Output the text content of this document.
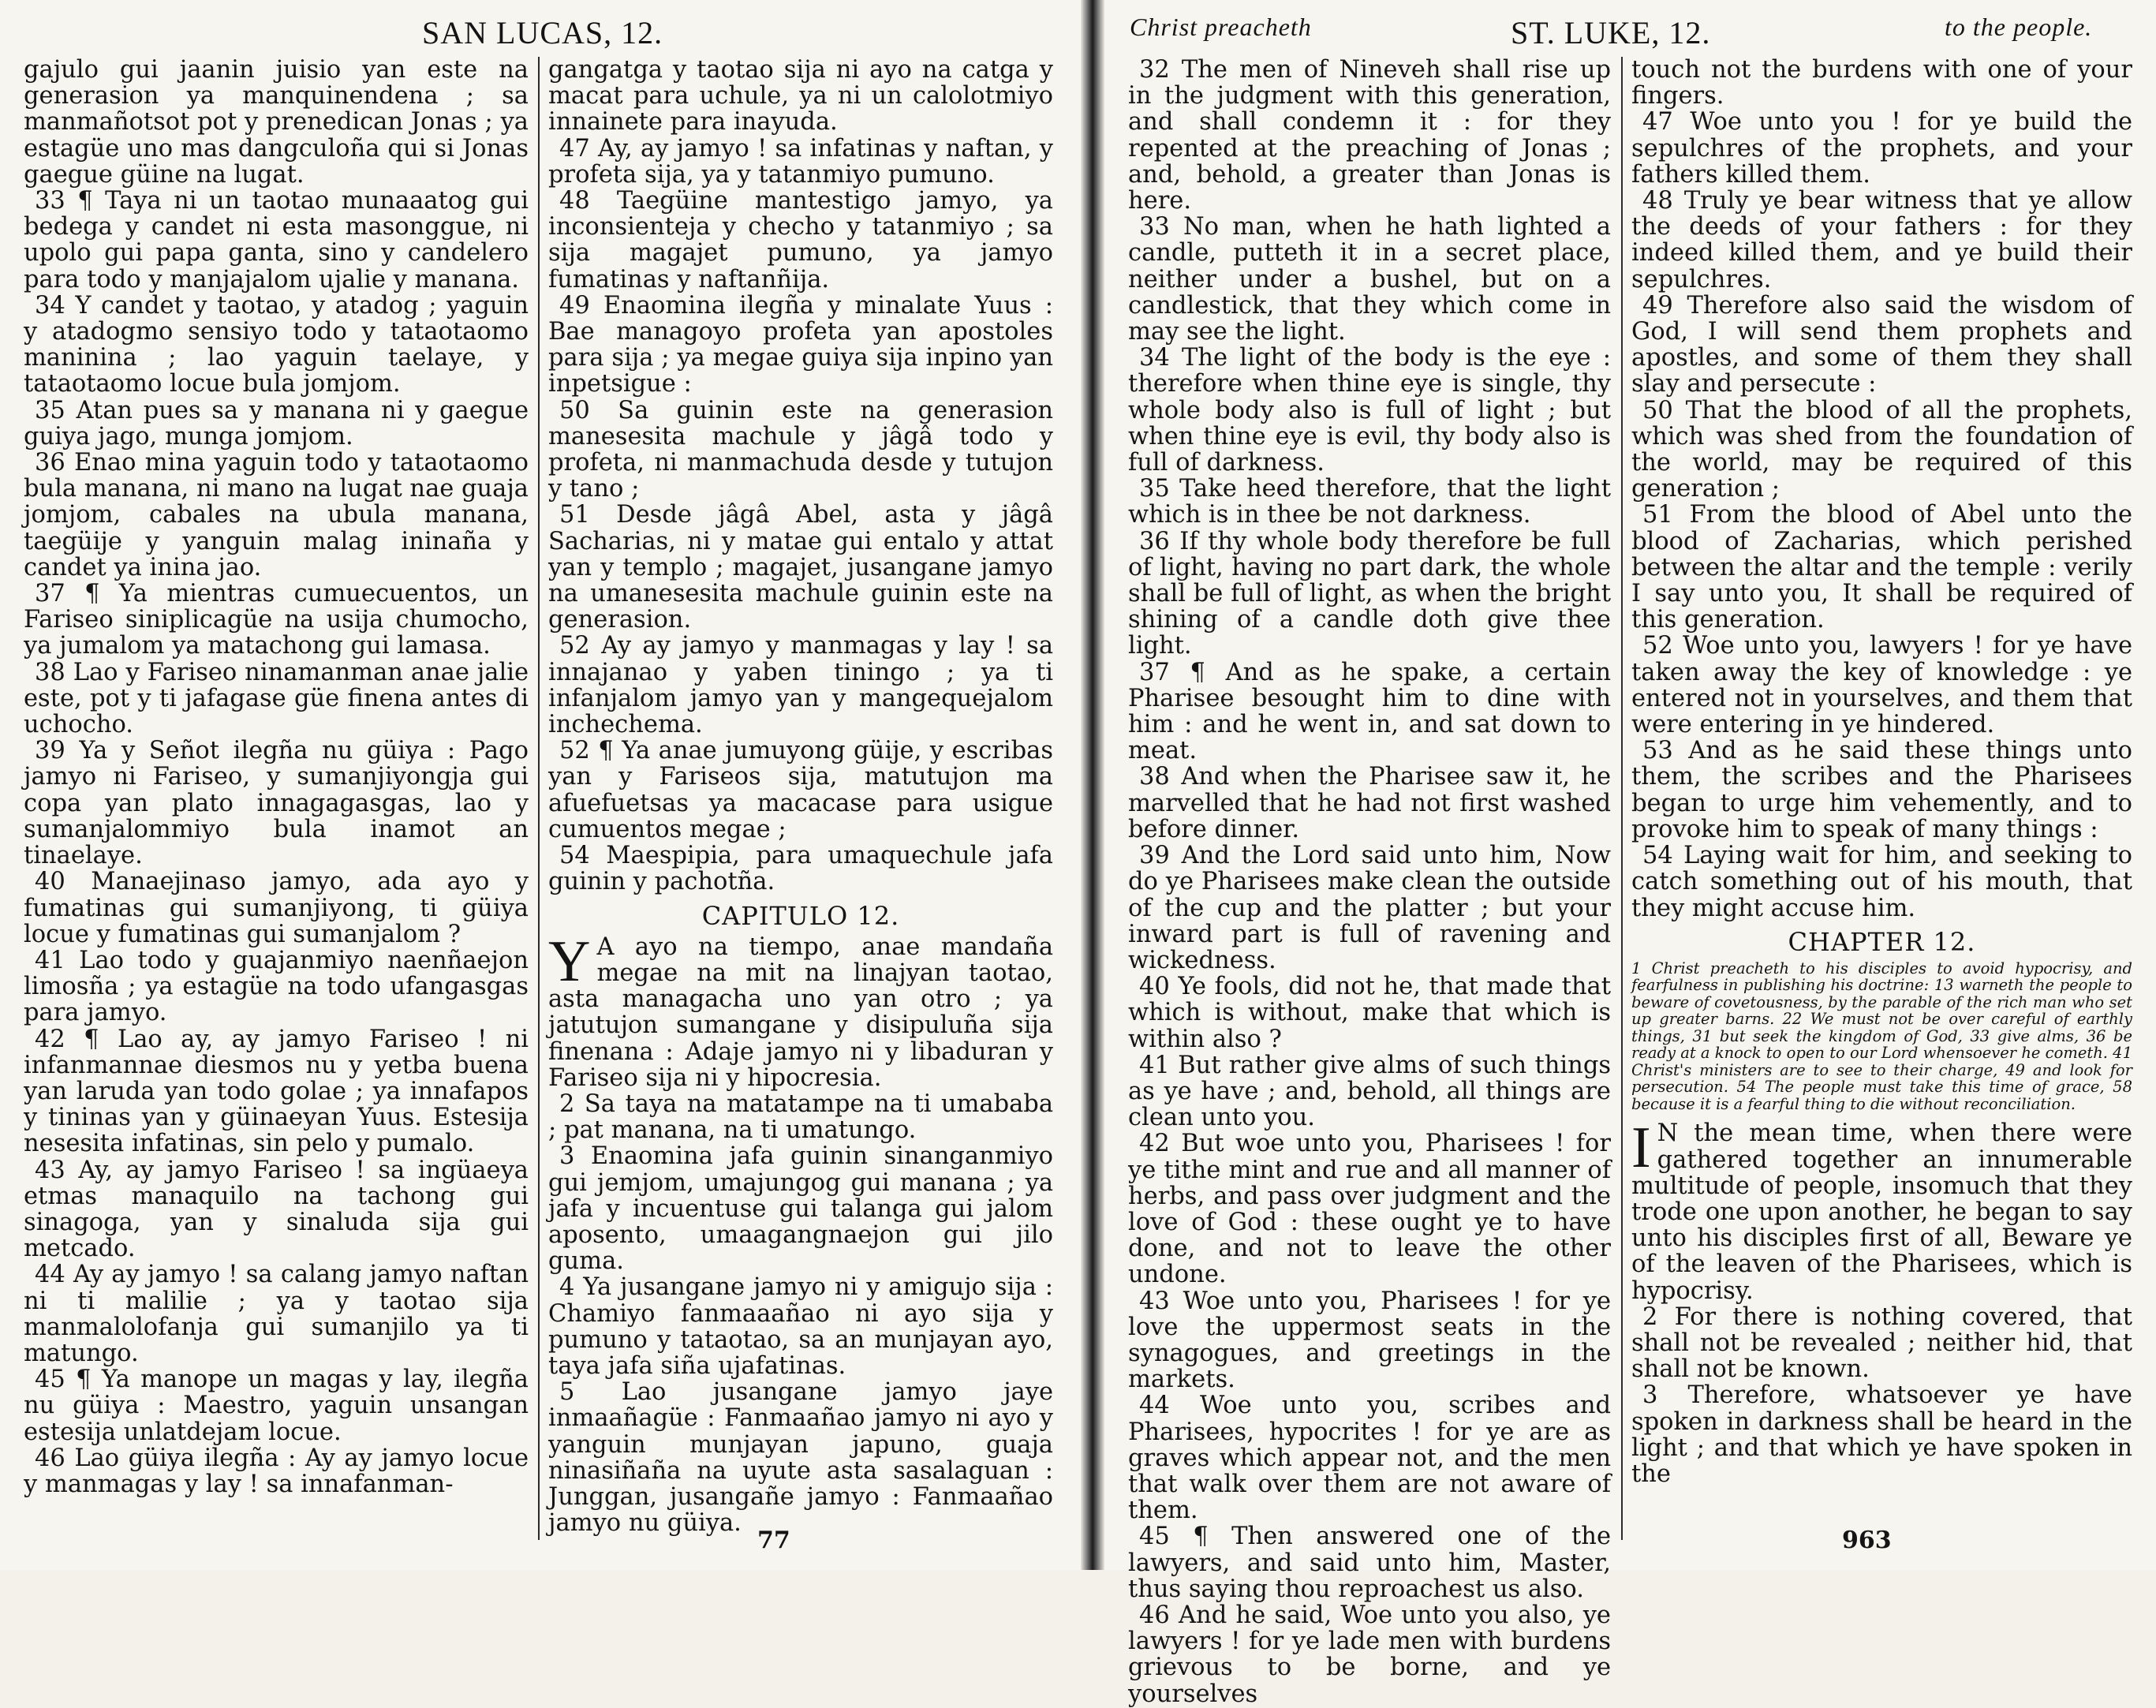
SAN LUCAS, 12.

gajulo gui jaanin juisio yan este na generasion ya manquinendena ; sa manmañotsot pot y prenedican Jonas ; ya estagüe uno mas dangculoña qui si Jonas gaegue güine na lugat.

33 ¶ Taya ni un taotao munaaatog gui bedega y candet ni esta masonggue, ni upolo gui papa ganta, sino y candelero para todo y manjajalom ujalie y manana.

34 Y candet y taotao, y atadog ; yaguin y atadogmo sensiyo todo y tataotaomo maninina ; lao yaguin taelaye, y tataotaomo locue bula jomjom.

35 Atan pues sa y manana ni y gaegue guiya jago, munga jomjom.

36 Enao mina yaguin todo y tataotaomo bula manana, ni mano na lugat nae guaja jomjom, cabales na ubula manana, taegüije y yanguin malag ininaña y candet ya inina jao.

37 ¶ Ya mientras cumuecuentos, un Fariseo siniplicagüe na usija chumocho, ya jumalom ya matachong gui lamasa.

38 Lao y Fariseo ninamanman anae jalie este, pot y ti jafagase güe finena antes di uchocho.

39 Ya y Señot ilegña nu güiya : Pago jamyo ni Fariseo, y sumanjiyongja gui copa yan plato innagagasgas, lao y sumanjalommiyo bula inamot an tinaelaye.

40 Manaejinaso jamyo, ada ayo y fumatinas gui sumanjiyong, ti güiya locue y fumatinas gui sumanjalom ?

41 Lao todo y guajanmiyo naenñaejon limosña ; ya estagüe na todo ufangasgas para jamyo.

42 ¶ Lao ay, ay jamyo Fariseo ! ni infanmannae diesmos nu y yetba buena yan laruda yan todo golae ; ya innafapos y tininas yan y güinaeyan Yuus. Estesija nesesita infatinas, sin pelo y pumalo.

43 Ay, ay jamyo Fariseo ! sa ingüaeya etmas manaquilo na tachong gui sinagoga, yan y sinaluda sija gui metcado.

44 Ay ay jamyo ! sa calang jamyo naftan ni ti malilie ; ya y taotao sija manmalolofanja gui sumanjilo ya ti matungo.

45 ¶ Ya manope un magas y lay, ilegña nu güiya : Maestro, yaguin unsangan estesija unlatdejam locue.

46 Lao güiya ilegña : Ay ay jamyo locue y manmagas y lay ! sa innafanman-

gangatga y taotao sija ni ayo na catga y macat para uchule, ya ni un calolotmiyo innainete para inayuda.

47 Ay, ay jamyo ! sa infatinas y naftan, y profeta sija, ya y tatanmiyo pumuno.

48 Taegüine mantestigo jamyo, ya inconsienteja y checho y tatanmiyo ; sa sija magajet pumuno, ya jamyo fumatinas y naftanñija.

49 Enaomina ilegña y minalate Yuus : Bae managoyo profeta yan apostoles para sija ; ya megae guiya sija inpino yan inpetsigue :

50 Sa guinin este na generasion manesesita machule y jâgâ todo y profeta, ni manmachuda desde y tutujon y tano ;

51 Desde jâgâ Abel, asta y jâgâ Sacharias, ni y matae gui entalo y attat yan y templo ; magajet, jusangane jamyo na umanesesita machule guinin este na generasion.

52 Ay ay jamyo y manmagas y lay ! sa innajanao y yaben tiningo ; ya ti infanjalom jamyo yan y mangequejalom inchechema.

52 ¶ Ya anae jumuyong güije, y escribas yan y Fariseos sija, matutujon ma afuefuetsas ya macacase para usigue cumuentos megae ;

54 Maespipia, para umaquechule jafa guinin y pachotña.

CAPITULO 12.
Y A ayo na tiempo, anae mandaña megae na mit na linajyan taotao, asta managacha uno yan otro ; ya jatutujon sumangane y disipuluña sija finenana : Adaje jamyo ni y libaduran y Fariseo sija ni y hipocresia.

2 Sa taya na matatampe na ti umababa ; pat manana, na ti umatungo.

3 Enaomina jafa guinin sinanganmiyo gui jemjom, umajungog gui manana ; ya jafa y incuentuse gui talanga gui jalom aposento, umaagangnaejon gui jilo guma.

4 Ya jusangane jamyo ni y amigujo sija : Chamiyo fanmaaañao ni ayo sija y pumuno y tataotao, sa an munjayan ayo, taya jafa siña ujafatinas.

5 Lao jusangane jamyo jaye inmaañagüe : Fanmaañao jamyo ni ayo y yanguin munjayan japuno, guaja ninasiñaña na uyute asta sasalaguan : Junggan, jusangañe jamyo : Fanmaañao jamyo nu güiya.

77
Christ preacheth	ST. LUKE, 12.	to the people.

32 The men of Nineveh shall rise up in the judgment with this generation, and shall condemn it : for they repented at the preaching of Jonas ; and, behold, a greater than Jonas is here.

33 No man, when he hath lighted a candle, putteth it in a secret place, neither under a bushel, but on a candlestick, that they which come in may see the light.

34 The light of the body is the eye : therefore when thine eye is single, thy whole body also is full of light ; but when thine eye is evil, thy body also is full of darkness.

35 Take heed therefore, that the light which is in thee be not darkness.

36 If thy whole body therefore be full of light, having no part dark, the whole shall be full of light, as when the bright shining of a candle doth give thee light.

37 ¶ And as he spake, a certain Pharisee besought him to dine with him : and he went in, and sat down to meat.

38 And when the Pharisee saw it, he marvelled that he had not first washed before dinner.

39 And the Lord said unto him, Now do ye Pharisees make clean the outside of the cup and the platter ; but your inward part is full of ravening and wickedness.

40 Ye fools, did not he, that made that which is without, make that which is within also ?

41 But rather give alms of such things as ye have ; and, behold, all things are clean unto you.

42 But woe unto you, Pharisees ! for ye tithe mint and rue and all manner of herbs, and pass over judgment and the love of God : these ought ye to have done, and not to leave the other undone.

43 Woe unto you, Pharisees ! for ye love the uppermost seats in the synagogues, and greetings in the markets.

44 Woe unto you, scribes and Pharisees, hypocrites ! for ye are as graves which appear not, and the men that walk over them are not aware of them.

45 ¶ Then answered one of the lawyers, and said unto him, Master, thus saying thou reproachest us also.

46 And he said, Woe unto you also, ye lawyers ! for ye lade men with burdens grievous to be borne, and ye yourselves

touch not the burdens with one of your fingers.

47 Woe unto you ! for ye build the sepulchres of the prophets, and your fathers killed them.

48 Truly ye bear witness that ye allow the deeds of your fathers : for they indeed killed them, and ye build their sepulchres.

49 Therefore also said the wisdom of God, I will send them prophets and apostles, and some of them they shall slay and persecute :

50 That the blood of all the prophets, which was shed from the foundation of the world, may be required of this generation ;

51 From the blood of Abel unto the blood of Zacharias, which perished between the altar and the temple : verily I say unto you, It shall be required of this generation.

52 Woe unto you, lawyers ! for ye have taken away the key of knowledge : ye entered not in yourselves, and them that were entering in ye hindered.

53 And as he said these things unto them, the scribes and the Pharisees began to urge him vehemently, and to provoke him to speak of many things :

54 Laying wait for him, and seeking to catch something out of his mouth, that they might accuse him.

CHAPTER 12.
1 Christ preacheth to his disciples to avoid hypocrisy, and fearfulness in publishing his doctrine: 13 warneth the people to beware of covetousness, by the parable of the rich man who set up greater barns. 22 We must not be over careful of earthly things, 31 but seek the kingdom of God, 33 give alms, 36 be ready at a knock to open to our Lord whensoever he cometh. 41 Christ's ministers are to see to their charge, 49 and look for persecution. 54 The people must take this time of grace, 58 because it is a fearful thing to die without reconciliation.
I N the mean time, when there were gathered together an innumerable multitude of people, insomuch that they trode one upon another, he began to say unto his disciples first of all, Beware ye of the leaven of the Pharisees, which is hypocrisy.

2 For there is nothing covered, that shall not be revealed ; neither hid, that shall not be known.

3 Therefore, whatsoever ye have spoken in darkness shall be heard in the light ; and that which ye have spoken in the

963
